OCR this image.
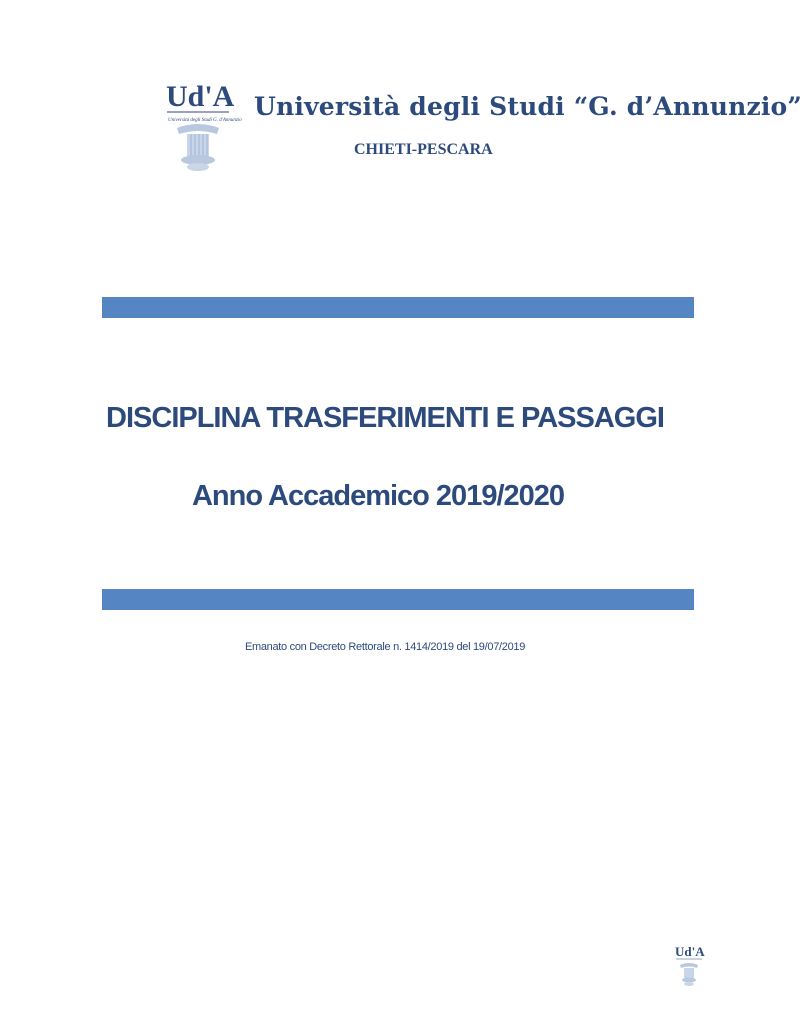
Ud'A
Università degli Studi G. d'Annunzio Università degli Studi “G. d’Annunzio”
CHIETI-PESCARA
DISCIPLINA TRASFERIMENTI E PASSAGGI
Anno Accademico 2019/2020
Emanato con Decreto Rettorale n. 1414/2019 del 19/07/2019
Ud'A
